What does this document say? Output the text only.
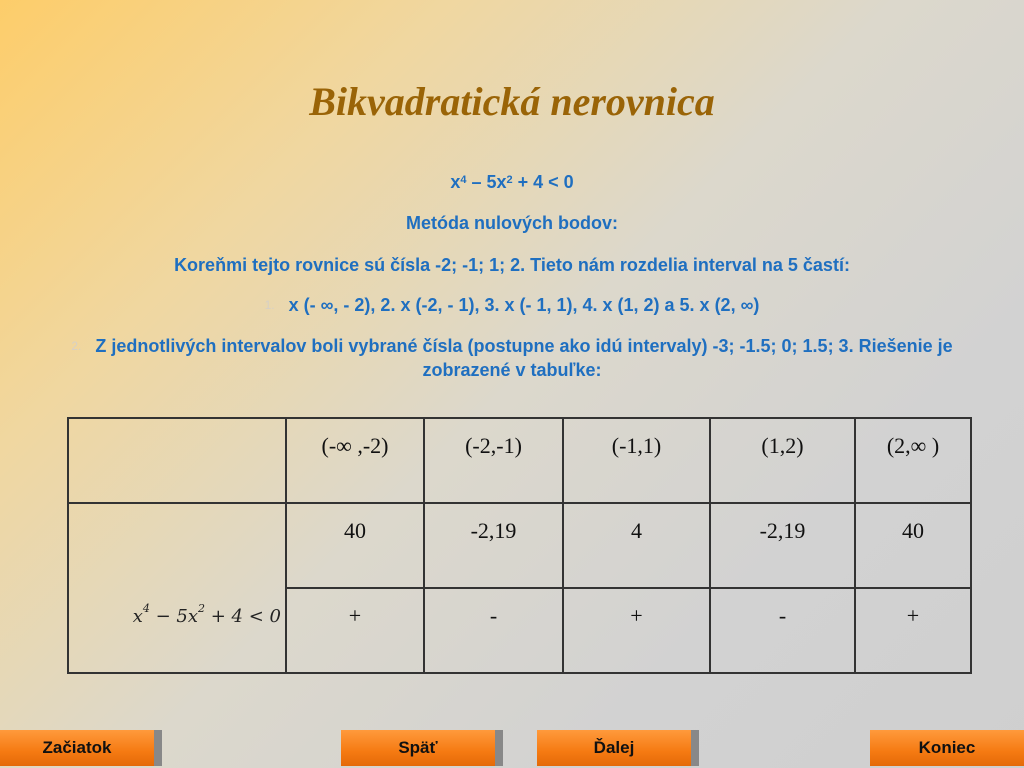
Bikvadratická nerovnica
$x^4 - 5x^2 + 4 < 0$
Metóda nulových bodov:
Koreňmi tejto rovnice sú čísla -2; -1; 1; 2. Tieto nám rozdelia interval na 5 častí:
1. x (- ∞, - 2), 2. x (-2, - 1), 3. x (- 1, 1), 4. x (1, 2) a 5. x (2, ∞)
2. Z jednotlivých intervalov boli vybrané čísla (postupne ako idú intervaly) -3; -1.5; 0; 1.5; 3. Riešenie je zobrazené v tabuľke:
	(-∞ ,-2)	(-2,-1)	(-1,1)	(1,2)	(2,∞ )
$x^4 - 5x^2 + 4 < 0$	40	-2,19	4	-2,19	40
	+	-	+	-	+
Začiatok	Späť	Ďalej	Koniec
